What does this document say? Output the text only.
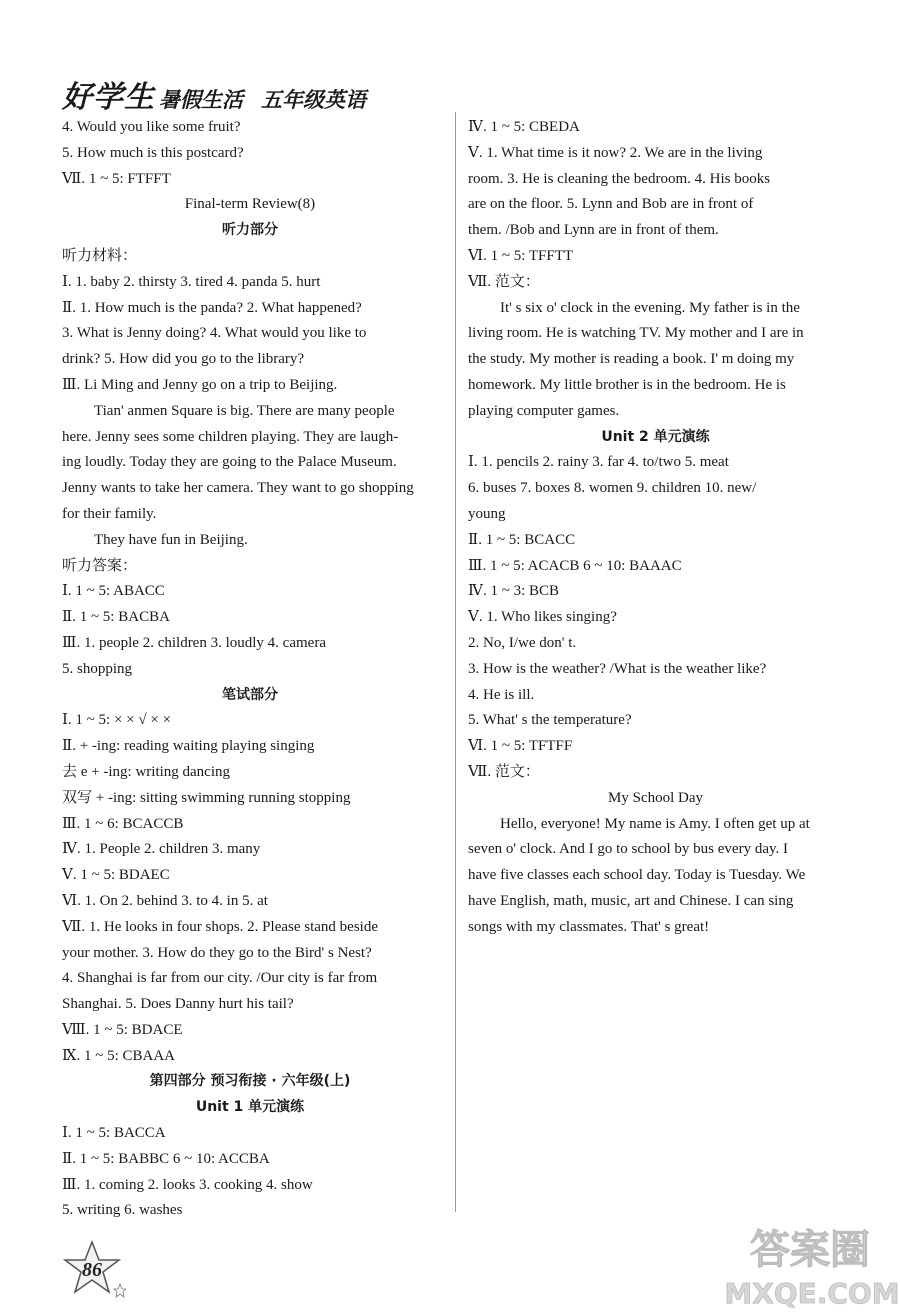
好学生 暑假生活 五年级英语
4. Would you like some fruit?
5. How much is this postcard?
Ⅶ. 1 ~ 5: FTFFT
Final-term Review(8)
听力部分
听力材料：
Ⅰ. 1. baby 2. thirsty 3. tired 4. panda 5. hurt
Ⅱ. 1. How much is the panda? 2. What happened?
3. What is Jenny doing? 4. What would you like to
drink? 5. How did you go to the library?
Ⅲ. Li Ming and Jenny go on a trip to Beijing.
Tian' anmen Square is big. There are many people
here. Jenny sees some children playing. They are laugh-
ing loudly. Today they are going to the Palace Museum.
Jenny wants to take her camera. They want to go shopping
for their family.
They have fun in Beijing.
听力答案：
Ⅰ. 1 ~ 5: ABACC
Ⅱ. 1 ~ 5: BACBA
Ⅲ. 1. people 2. children 3. loudly 4. camera
5. shopping
笔试部分
Ⅰ. 1 ~ 5: × × √ × ×
Ⅱ. + -ing: reading waiting playing singing
去 e + -ing: writing dancing
双写 + -ing: sitting swimming running stopping
Ⅲ. 1 ~ 6: BCACCB
Ⅳ. 1. People 2. children 3. many
Ⅴ. 1 ~ 5: BDAEC
Ⅵ. 1. On 2. behind 3. to 4. in 5. at
Ⅶ. 1. He looks in four shops. 2. Please stand beside
your mother. 3. How do they go to the Bird' s Nest?
4. Shanghai is far from our city. /Our city is far from
Shanghai. 5. Does Danny hurt his tail?
Ⅷ. 1 ~ 5: BDACE
Ⅸ. 1 ~ 5: CBAAA
第四部分 预习衔接 · 六年级(上)
Unit 1 单元演练
Ⅰ. 1 ~ 5: BACCA
Ⅱ. 1 ~ 5: BABBC 6 ~ 10: ACCBA
Ⅲ. 1. coming 2. looks 3. cooking 4. show
5. writing 6. washes
Ⅳ. 1 ~ 5: CBEDA
Ⅴ. 1. What time is it now? 2. We are in the living
room. 3. He is cleaning the bedroom. 4. His books
are on the floor. 5. Lynn and Bob are in front of
them. /Bob and Lynn are in front of them.
Ⅵ. 1 ~ 5: TFFTT
Ⅶ. 范文：
It' s six o' clock in the evening. My father is in the
living room. He is watching TV. My mother and I are in
the study. My mother is reading a book. I' m doing my
homework. My little brother is in the bedroom. He is
playing computer games.
Unit 2 单元演练
Ⅰ. 1. pencils 2. rainy 3. far 4. to/two 5. meat
6. buses 7. boxes 8. women 9. children 10. new/
young
Ⅱ. 1 ~ 5: BCACC
Ⅲ. 1 ~ 5: ACACB 6 ~ 10: BAAAC
Ⅳ. 1 ~ 3: BCB
Ⅴ. 1. Who likes singing?
2. No, I/we don' t.
3. How is the weather? /What is the weather like?
4. He is ill.
5. What' s the temperature?
Ⅵ. 1 ~ 5: TFTFF
Ⅶ. 范文：
My School Day
Hello, everyone! My name is Amy. I often get up at
seven o' clock. And I go to school by bus every day. I
have five classes each school day. Today is Tuesday. We
have English, math, music, art and Chinese. I can sing
songs with my classmates. That' s great!
86	答案圈
MXQE.COM
